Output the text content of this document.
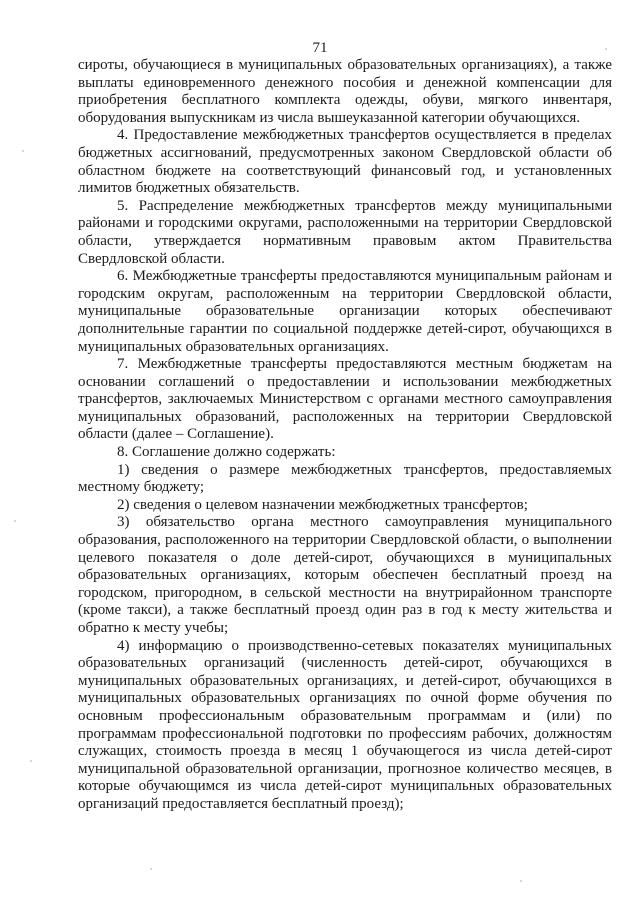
71

сироты, обучающиеся в муниципальных образовательных организациях), а также выплаты единовременного денежного пособия и денежной компенсации для приобретения бесплатного комплекта одежды, обуви, мягкого инвентаря, оборудования выпускникам из числа вышеуказанной категории обучающихся.

4. Предоставление межбюджетных трансфертов осуществляется в пределах бюджетных ассигнований, предусмотренных законом Свердловской области об областном бюджете на соответствующий финансовый год, и установленных лимитов бюджетных обязательств.

5. Распределение межбюджетных трансфертов между муниципальными районами и городскими округами, расположенными на территории Свердловской области, утверждается нормативным правовым актом Правительства Свердловской области.

6. Межбюджетные трансферты предоставляются муниципальным районам и городским округам, расположенным на территории Свердловской области, муниципальные образовательные организации которых обеспечивают дополнительные гарантии по социальной поддержке детей-сирот, обучающихся в муниципальных образовательных организациях.

7. Межбюджетные трансферты предоставляются местным бюджетам на основании соглашений о предоставлении и использовании межбюджетных трансфертов, заключаемых Министерством с органами местного самоуправления муниципальных образований, расположенных на территории Свердловской области (далее – Соглашение).

8. Соглашение должно содержать:

1) сведения о размере межбюджетных трансфертов, предоставляемых местному бюджету;

2) сведения о целевом назначении межбюджетных трансфертов;

3) обязательство органа местного самоуправления муниципального образования, расположенного на территории Свердловской области, о выполнении целевого показателя о доле детей-сирот, обучающихся в муниципальных образовательных организациях, которым обеспечен бесплатный проезд на городском, пригородном, в сельской местности на внутрирайонном транспорте (кроме такси), а также бесплатный проезд один раз в год к месту жительства и обратно к месту учебы;

4) информацию о производственно-сетевых показателях муниципальных образовательных организаций (численность детей-сирот, обучающихся в муниципальных образовательных организациях, и детей-сирот, обучающихся в муниципальных образовательных организациях по очной форме обучения по основным профессиональным образовательным программам и (или) по программам профессиональной подготовки по профессиям рабочих, должностям служащих, стоимость проезда в месяц 1 обучающегося из числа детей-сирот муниципальной образовательной организации, прогнозное количество месяцев, в которые обучающимся из числа детей-сирот муниципальных образовательных организаций предоставляется бесплатный проезд);
